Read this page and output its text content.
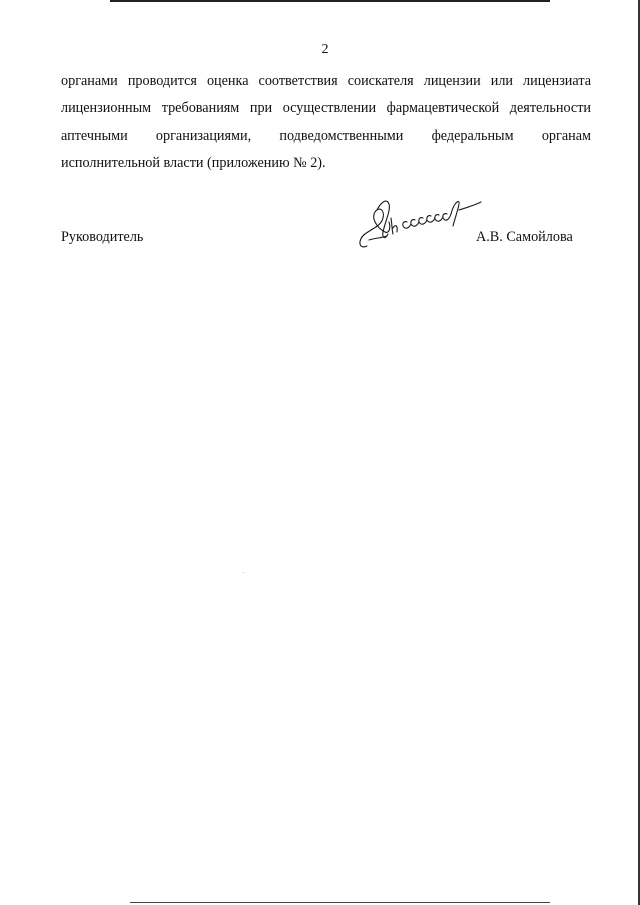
2

органами проводится оценка соответствия соискателя лицензии или лицензиата
лицензионным требованиям при осуществлении фармацевтической деятельности
аптечными организациями, подведомственными федеральным органам
исполнительной власти (приложению № 2).

Руководитель	А.В. Самойлова
